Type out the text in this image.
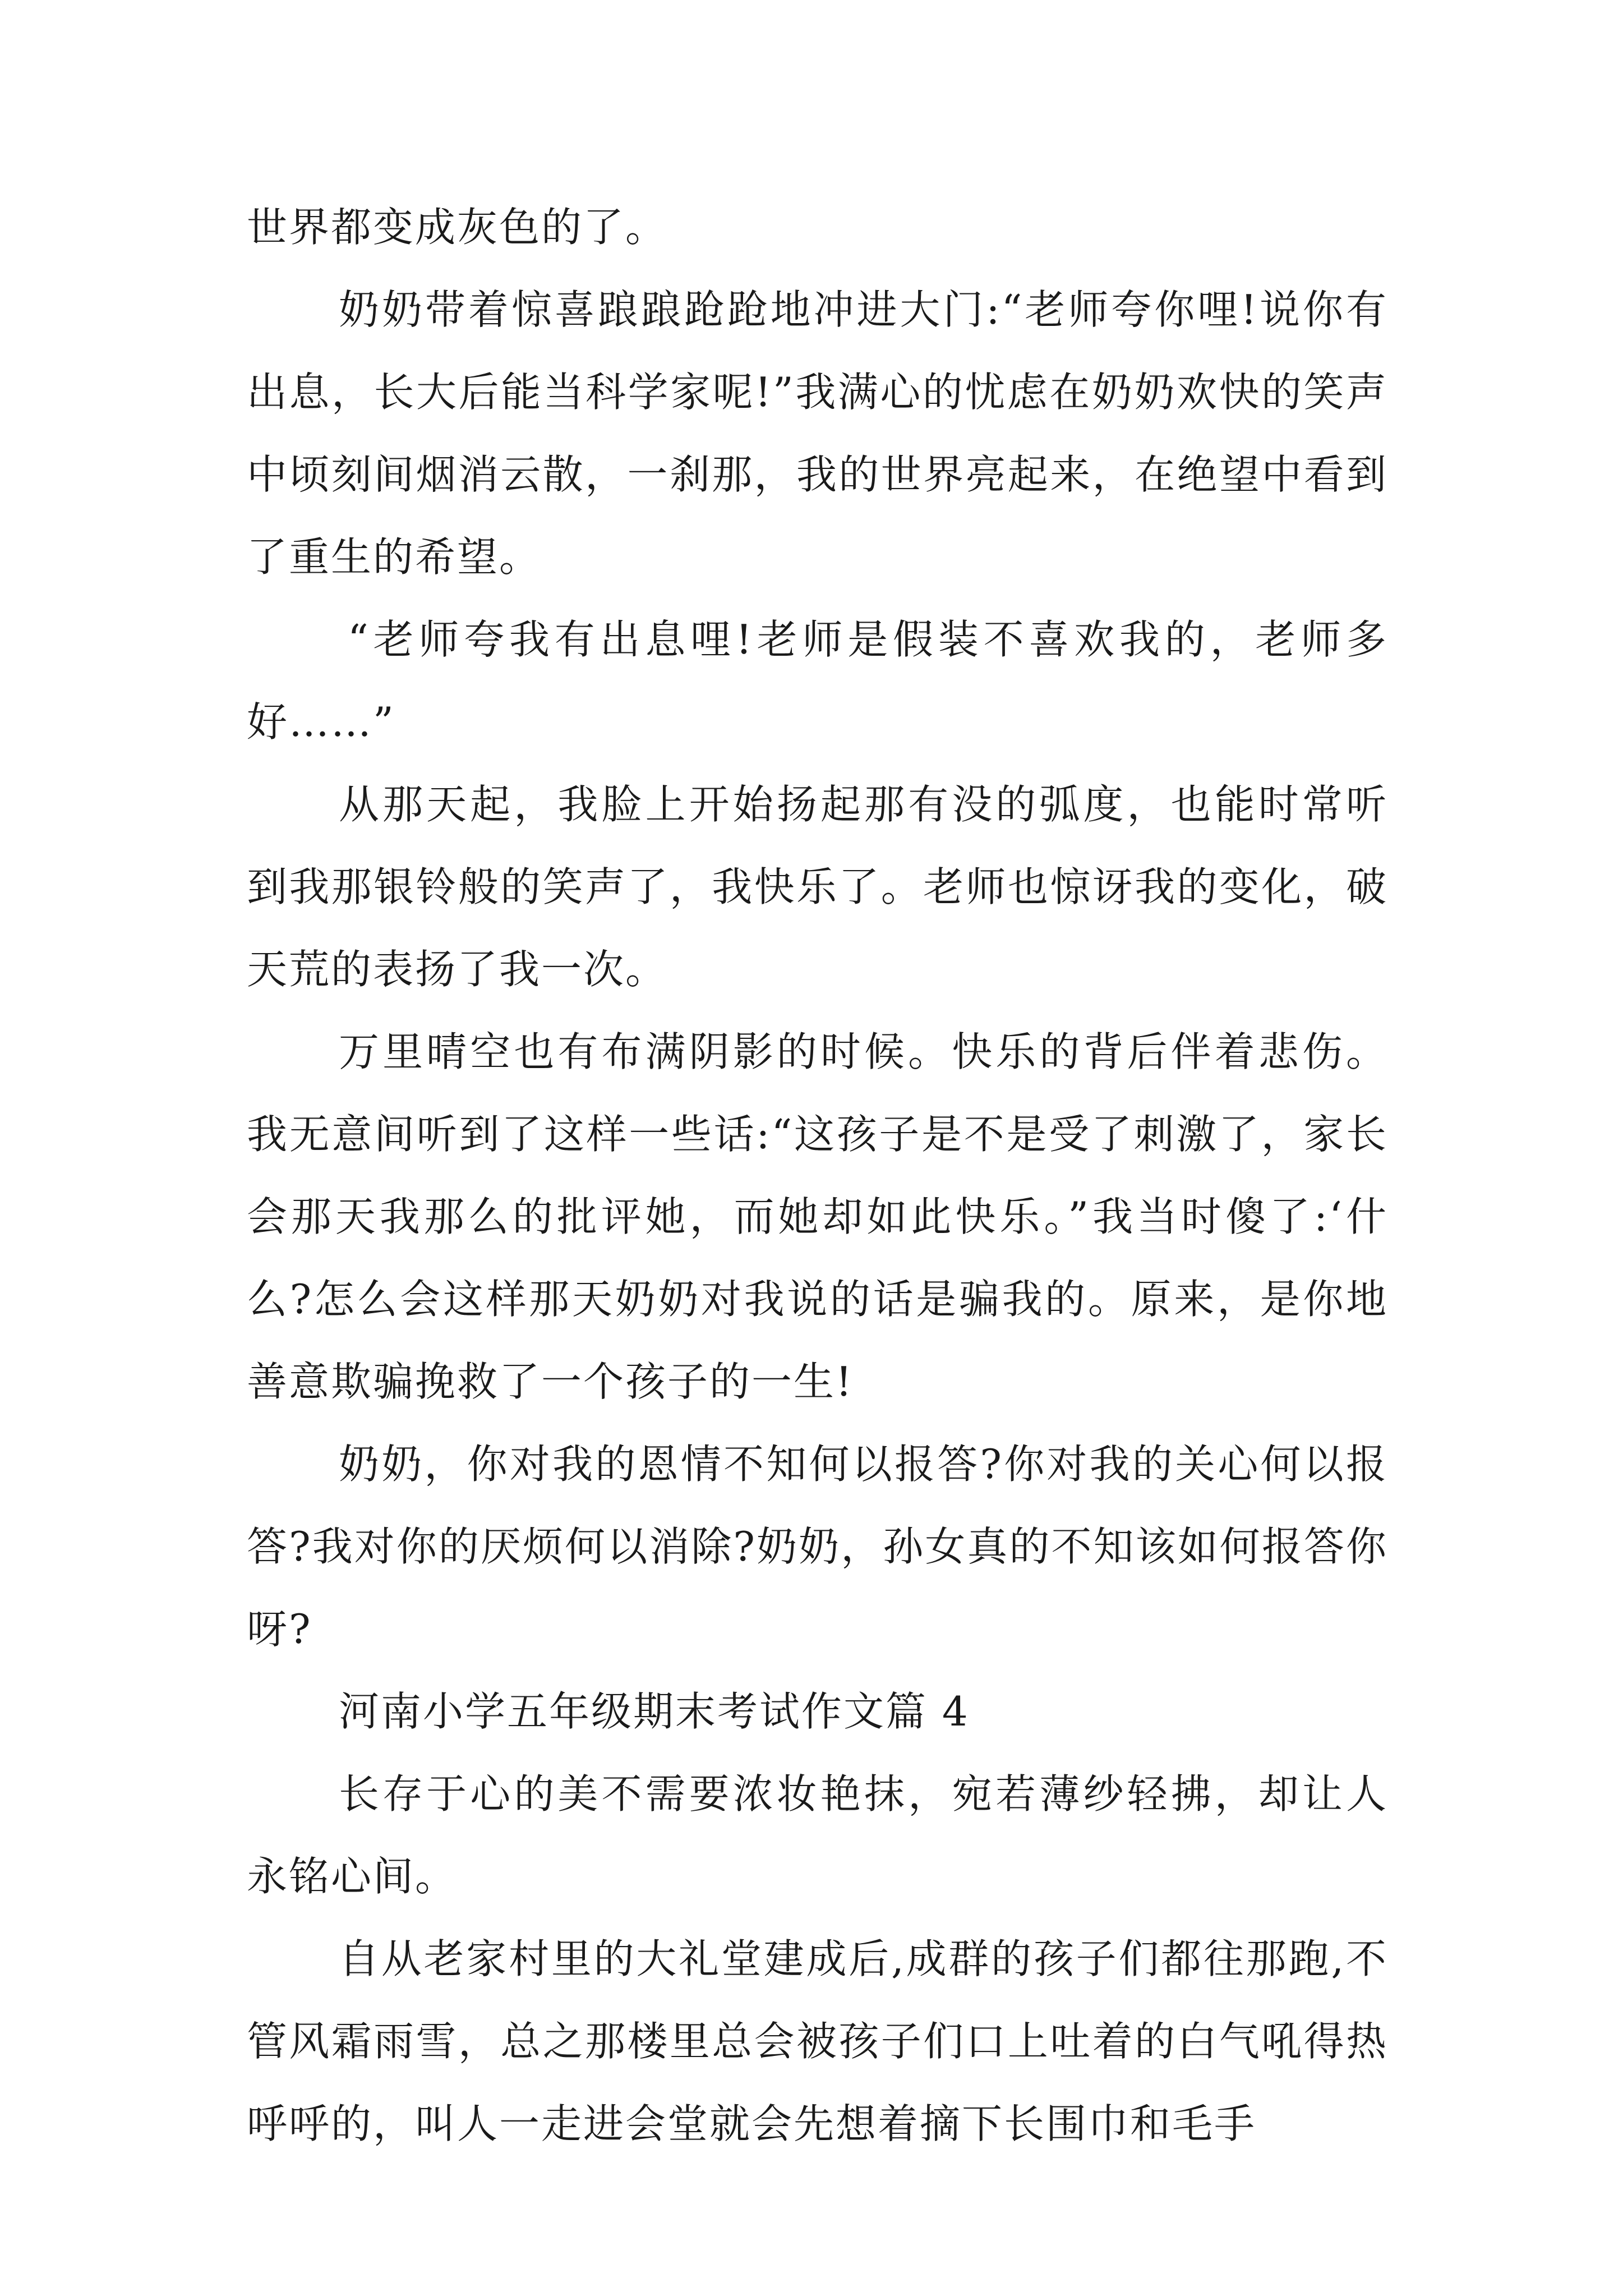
世界都变成灰色的了。

奶奶带着惊喜踉踉跄跄地冲进大门:“老师夸你哩!说你有出息，长大后能当科学家呢!”我满心的忧虑在奶奶欢快的笑声中顷刻间烟消云散，一刹那，我的世界亮起来，在绝望中看到了重生的希望。

“老师夸我有出息哩!老师是假装不喜欢我的，老师多好……”

从那天起，我脸上开始扬起那有没的弧度，也能时常听到我那银铃般的笑声了，我快乐了。老师也惊讶我的变化，破天荒的表扬了我一次。

万里晴空也有布满阴影的时候。快乐的背后伴着悲伤。我无意间听到了这样一些话:“这孩子是不是受了刺激了，家长会那天我那么的批评她，而她却如此快乐。”我当时傻了:‘什么?怎么会这样那天奶奶对我说的话是骗我的。原来，是你地善意欺骗挽救了一个孩子的一生!

奶奶，你对我的恩情不知何以报答?你对我的关心何以报答?我对你的厌烦何以消除?奶奶，孙女真的不知该如何报答你呀?

河南小学五年级期末考试作文篇 4

长存于心的美不需要浓妆艳抹，宛若薄纱轻拂，却让人永铭心间。

自从老家村里的大礼堂建成后,成群的孩子们都往那跑,不管风霜雨雪，总之那楼里总会被孩子们口上吐着的白气吼得热呼呼的，叫人一走进会堂就会先想着摘下长围巾和毛手
